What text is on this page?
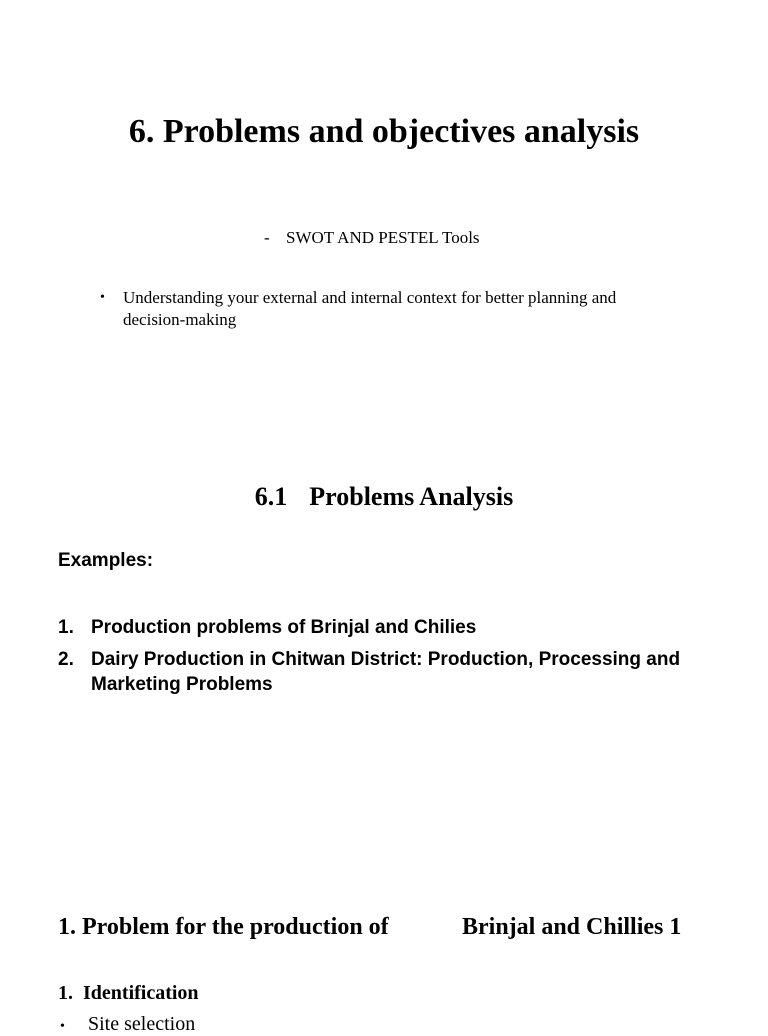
6. Problems and objectives analysis
- SWOT AND PESTEL Tools
• Understanding your external and internal context for better planning and decision-making
6.1 Problems Analysis
Examples:
1. Production problems of Brinjal and Chilies
2. Dairy Production in Chitwan District: Production, Processing and Marketing Problems
1. Problem for the production of	Brinjal and Chillies 1
1. Identification
• Site selection
